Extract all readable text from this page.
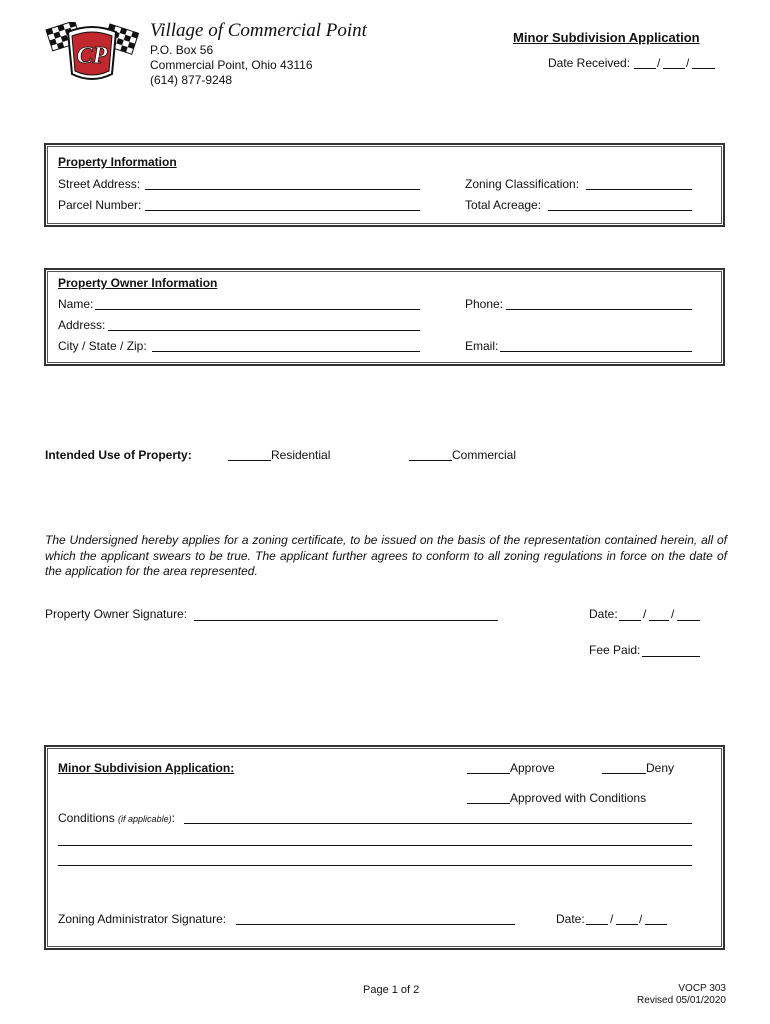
CP
Village of Commercial Point
P.O. Box 56
Commercial Point, Ohio 43116
(614) 877-9248
Minor Subdivision Application
Date Received: / /
Property Information
Street Address:
Parcel Number:
Zoning Classification:
Total Acreage:
Property Owner Information
Name:
Address:
City / State / Zip:
Phone:
Email:
Intended Use of Property:	Residential	Commercial
The Undersigned hereby applies for a zoning certificate, to be issued on the basis of the representation contained herein, all of which the applicant swears to be true. The applicant further agrees to conform to all zoning regulations in force on the date of the application for the area represented.
Property Owner Signature:	Date: / /
Fee Paid:
Minor Subdivision Application:	Approve	Deny
Approved with Conditions
Conditions (if applicable):
Zoning Administrator Signature:	Date: / /
Page 1 of 2	VOCP 303
Revised 05/01/2020
